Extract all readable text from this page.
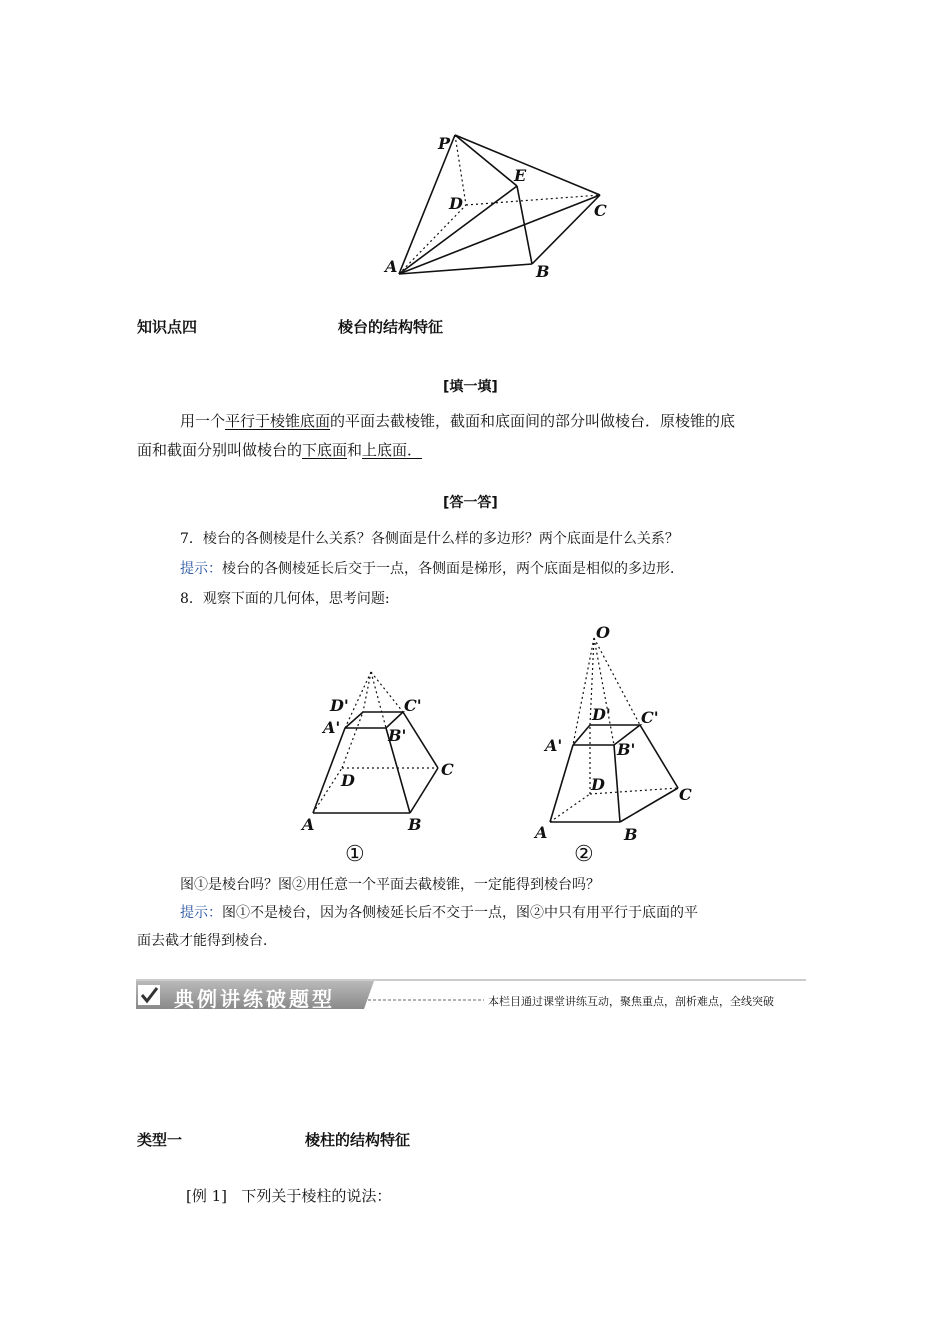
P
E
D	C
A	B
知识点四	棱台的结构特征
[填一填]
用一个平行于棱锥底面的平面去截棱锥，截面和底面间的部分叫做棱台．原棱锥的底
面和截面分别叫做棱台的下底面和上底面．
[答一答]
7．棱台的各侧棱是什么关系？各侧面是什么样的多边形？两个底面是什么关系？
提示：棱台的各侧棱延长后交于一点，各侧面是梯形，两个底面是相似的多边形．
8．观察下面的几何体，思考问题:
D'	C'
A'	B'
D
C
A	B
①
O
D' C'
A'	B'
D
C
A	B
②
图①是棱台吗？图②用任意一个平面去截棱锥，一定能得到棱台吗？
提示：图①不是棱台，因为各侧棱延长后不交于一点，图②中只有用平行于底面的平
面去截才能得到棱台．
典例讲练破题型	本栏目通过课堂讲练互动，聚焦重点，剖析难点，全线突破
类型一	棱柱的结构特征
[例 1] 下列关于棱柱的说法：
